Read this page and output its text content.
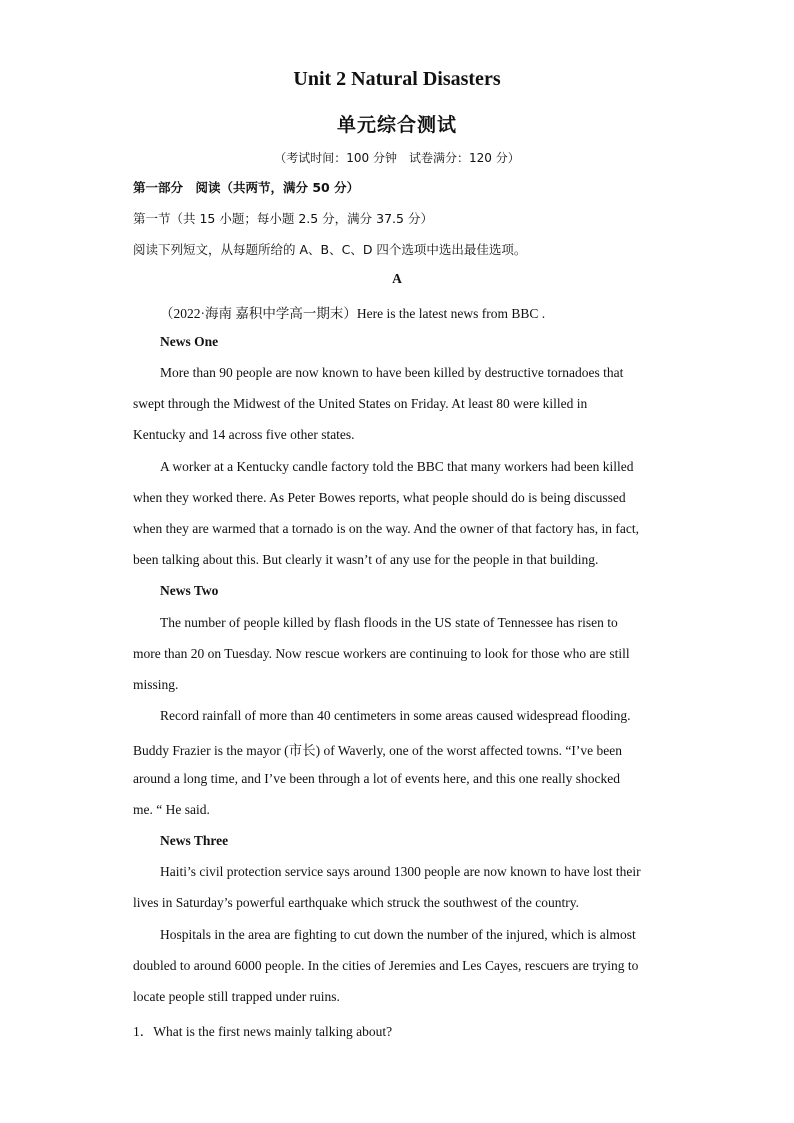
Unit 2 Natural Disasters
单元综合测试
（考试时间：100 分钟　试卷满分：120 分）
第一部分　阅读（共两节，满分 50 分）
第一节（共 15 小题；每小题 2.5 分，满分 37.5 分）
阅读下列短文，从每题所给的 A、B、C、D 四个选项中选出最佳选项。
A
（2022·海南 嘉积中学高一期末）Here is the latest news from BBC .
News One
More than 90 people are now known to have been killed by destructive tornadoes that
swept through the Midwest of the United States on Friday. At least 80 were killed in
Kentucky and 14 across five other states.
A worker at a Kentucky candle factory told the BBC that many workers had been killed
when they worked there. As Peter Bowes reports, what people should do is being discussed
when they are warmed that a tornado is on the way. And the owner of that factory has, in fact,
been talking about this. But clearly it wasn’t of any use for the people in that building.
News Two
The number of people killed by flash floods in the US state of Tennessee has risen to
more than 20 on Tuesday. Now rescue workers are continuing to look for those who are still
missing.
Record rainfall of more than 40 centimeters in some areas caused widespread flooding.
Buddy Frazier is the mayor (市长) of Waverly, one of the worst affected towns. “I’ve been
around a long time, and I’ve been through a lot of events here, and this one really shocked
me. “ He said.
News Three
Haiti’s civil protection service says around 1300 people are now known to have lost their
lives in Saturday’s powerful earthquake which struck the southwest of the country.
Hospitals in the area are fighting to cut down the number of the injured, which is almost
doubled to around 6000 people. In the cities of Jeremies and Les Cayes, rescuers are trying to
locate people still trapped under ruins.
1．What is the first news mainly talking about?
